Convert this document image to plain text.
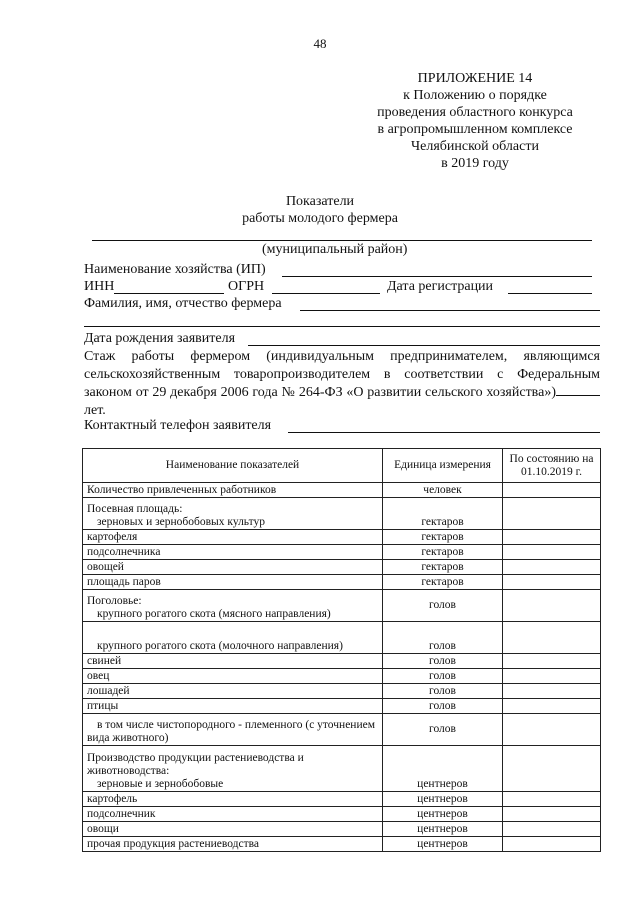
48
ПРИЛОЖЕНИЕ 14
к Положению о порядке
проведения областного конкурса
в агропромышленном комплексе
Челябинской области
в 2019 году
Показатели
работы молодого фермера
(муниципальный район)
Наименование хозяйства (ИП)
ИНН	ОГРН	Дата регистрации
Фамилия, имя, отчество фермера
Дата рождения заявителя
Стаж работы фермером (индивидуальным предпринимателем, являющимся сельскохозяйственным товаропроизводителем в соответствии с Федеральным законом от 29 декабря 2006 года № 264-ФЗ «О развитии сельского хозяйства»)лет.
Контактный телефон заявителя
Наименование показателей	Единица измерения	По состоянию на 01.10.2019 г.
Количество привлеченных работников	человек	

Посевная площадь:
зерновых и зернобобовых культур	гектаров	
картофеля	гектаров	
подсолнечника	гектаров	
овощей	гектаров	
площадь паров	гектаров	

Поголовье:
крупного рогатого скота (мясного направления)	голов	
крупного рогатого скота (молочного направления)	голов	
свиней	голов	
овец	голов	
лошадей	голов	
птицы	голов	
в том числе чистопородного - племенного (с уточнением вида животного)	голов	

Производство продукции растениеводства и животноводства:
зерновые и зернобобовые	центнеров	
картофель	центнеров	
подсолнечник	центнеров	
овощи	центнеров	
прочая продукция растениеводства	центнеров	
